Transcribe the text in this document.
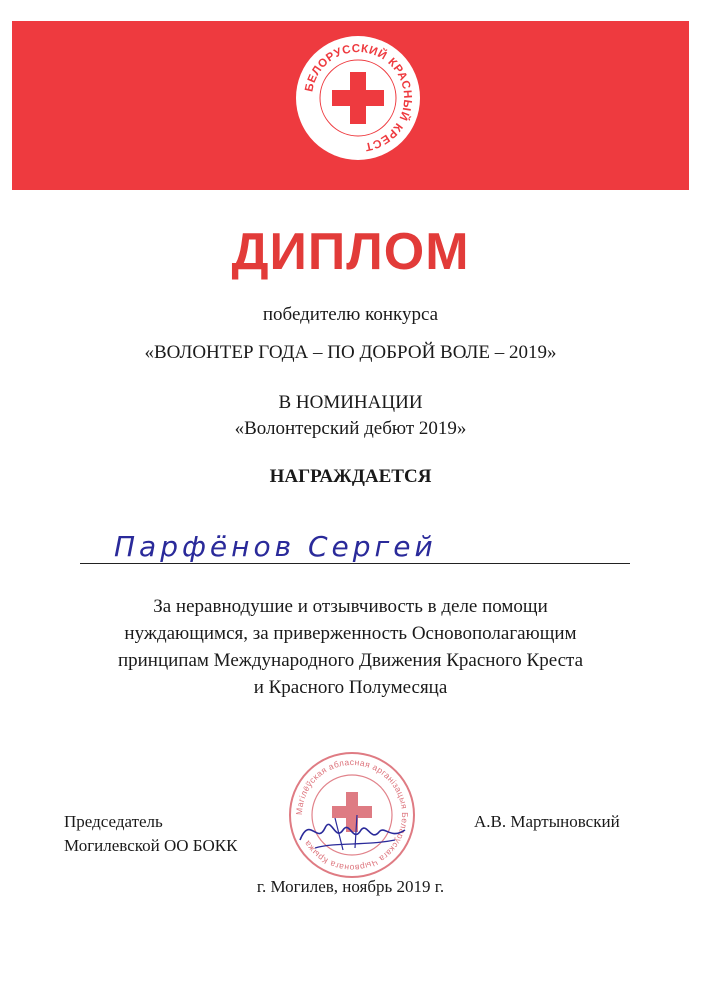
БЕЛОРУССКИЙ КРАСНЫЙ КРЕСТ
ДИПЛОМ
победителю конкурса
«ВОЛОНТЕР ГОДА – ПО ДОБРОЙ ВОЛЕ – 2019»
В НОМИНАЦИИ
«Волонтерский дебют 2019»
НАГРАЖДАЕТСЯ
Парфёнов Сергей
За неравнодушие и отзывчивость в деле помощи
нуждающимся, за приверженность Основополагающим
принципам Международного Движения Красного Креста
и Красного Полумесяца
Председатель
Могилевской ОО БОКК
А.В. Мартыновский
Магілёўская абласная арганізацыя Беларускага Чырвонага Крыжа
г. Могилев, ноябрь 2019 г.
